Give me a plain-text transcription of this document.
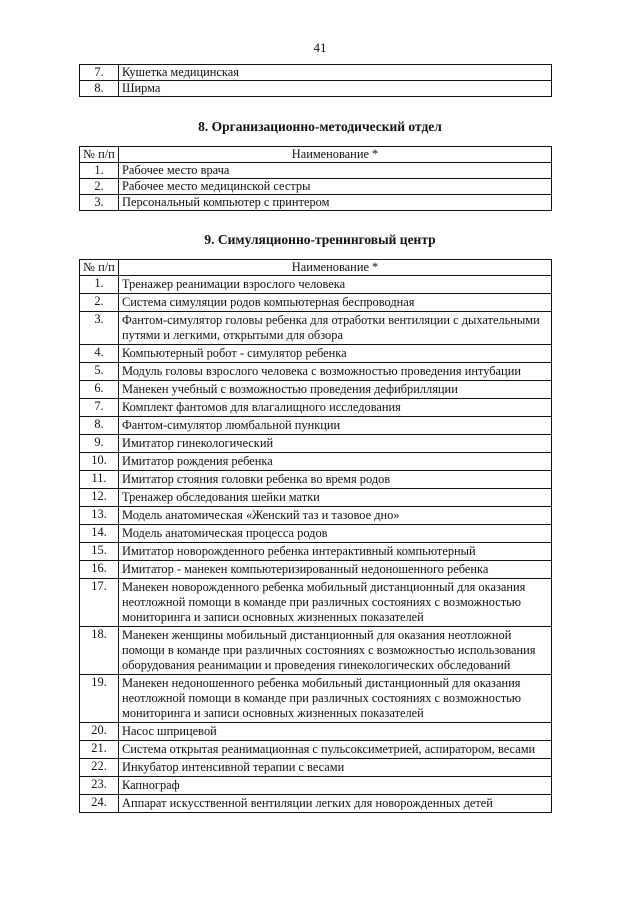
41
7.	Кушетка медицинская
8.	Ширма
8. Организационно-методический отдел
№ п/п	Наименование *
1.	Рабочее место врача
2.	Рабочее место медицинской сестры
3.	Персональный компьютер с принтером
9. Симуляционно-тренинговый центр
№ п/п	Наименование *
1.	Тренажер реанимации взрослого человека
2.	Система симуляции родов компьютерная беспроводная
3.	Фантом-симулятор головы ребенка для отработки вентиляции с дыхательными путями и легкими, открытыми для обзора
4.	Компьютерный робот - симулятор ребенка
5.	Модуль головы взрослого человека с возможностью проведения интубации
6.	Манекен учебный с возможностью проведения дефибрилляции
7.	Комплект фантомов для влагалищного исследования
8.	Фантом-симулятор люмбальной пункции
9.	Имитатор гинекологический
10.	Имитатор рождения ребенка
11.	Имитатор стояния головки ребенка во время родов
12.	Тренажер обследования шейки матки
13.	Модель анатомическая «Женский таз и тазовое дно»
14.	Модель анатомическая процесса родов
15.	Имитатор новорожденного ребенка интерактивный компьютерный
16.	Имитатор - манекен компьютеризированный недоношенного ребенка
17.	Манекен новорожденного ребенка мобильный дистанционный для оказания неотложной помощи в команде при различных состояниях с возможностью мониторинга и записи основных жизненных показателей
18.	Манекен женщины мобильный дистанционный для оказания неотложной помощи в команде при различных состояниях с возможностью использования оборудования реанимации и проведения гинекологических обследований
19.	Манекен недоношенного ребенка мобильный дистанционный для оказания неотложной помощи в команде при различных состояниях с возможностью мониторинга и записи основных жизненных показателей
20.	Насос шприцевой
21.	Система открытая реанимационная с пульсоксиметрией, аспиратором, весами
22.	Инкубатор интенсивной терапии с весами
23.	Капнограф
24.	Аппарат искусственной вентиляции легких для новорожденных детей
